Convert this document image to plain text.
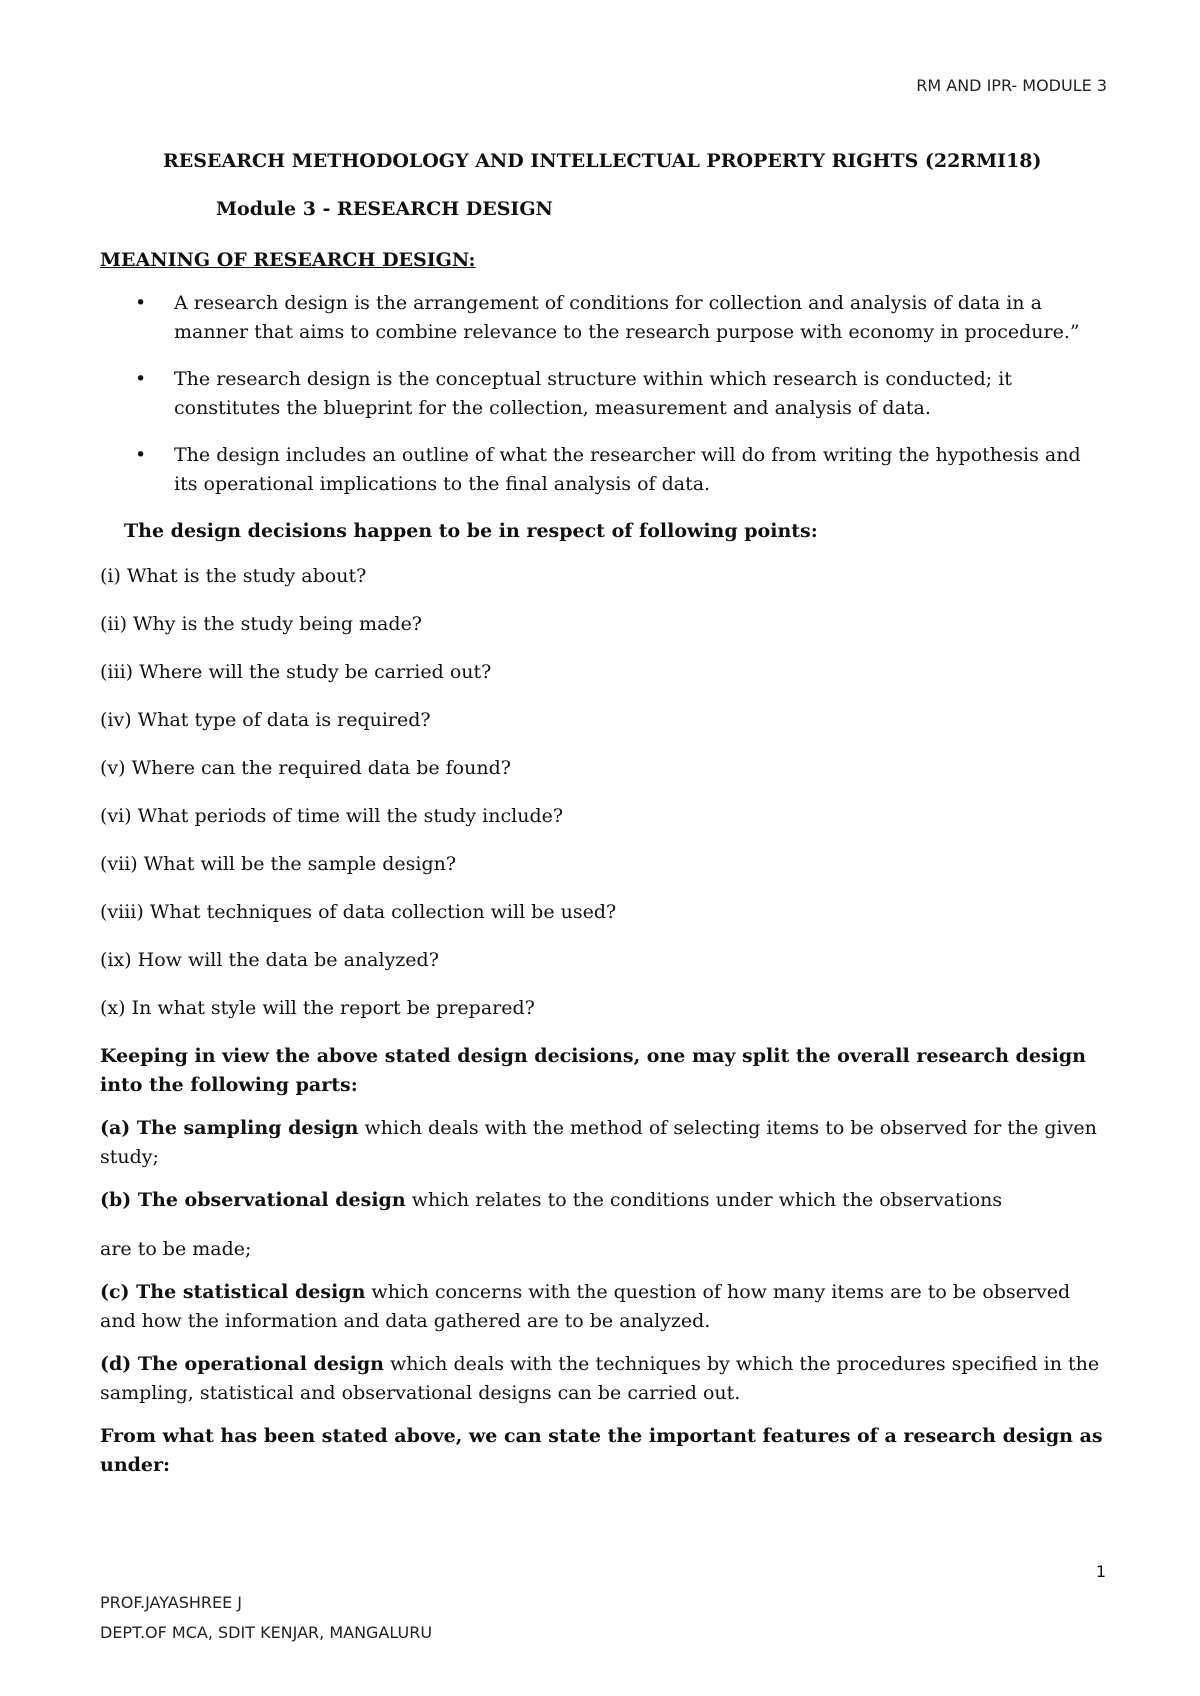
RM AND IPR- MODULE 3
RESEARCH METHODOLOGY AND INTELLECTUAL PROPERTY RIGHTS (22RMI18)
Module 3 - RESEARCH DESIGN
MEANING OF RESEARCH DESIGN:
• A research design is the arrangement of conditions for collection and analysis of data in a manner that aims to combine relevance to the research purpose with economy in procedure.”
• The research design is the conceptual structure within which research is conducted; it constitutes the blueprint for the collection, measurement and analysis of data.
• The design includes an outline of what the researcher will do from writing the hypothesis and its operational implications to the final analysis of data.
The design decisions happen to be in respect of following points:

(i) What is the study about?

(ii) Why is the study being made?

(iii) Where will the study be carried out?

(iv) What type of data is required?

(v) Where can the required data be found?

(vi) What periods of time will the study include?

(vii) What will be the sample design?

(viii) What techniques of data collection will be used?

(ix) How will the data be analyzed?

(x) In what style will the report be prepared?

Keeping in view the above stated design decisions, one may split the overall research design into the following parts:
(a) The sampling design which deals with the method of selecting items to be observed for the given study;
(b) The observational design which relates to the conditions under which the observations
are to be made;
(c) The statistical design which concerns with the question of how many items are to be observed and how the information and data gathered are to be analyzed.
(d) The operational design which deals with the techniques by which the procedures specified in the sampling, statistical and observational designs can be carried out.
From what has been stated above, we can state the important features of a research design as under:
1
PROF.JAYASHREE J
DEPT.OF MCA, SDIT KENJAR, MANGALURU
